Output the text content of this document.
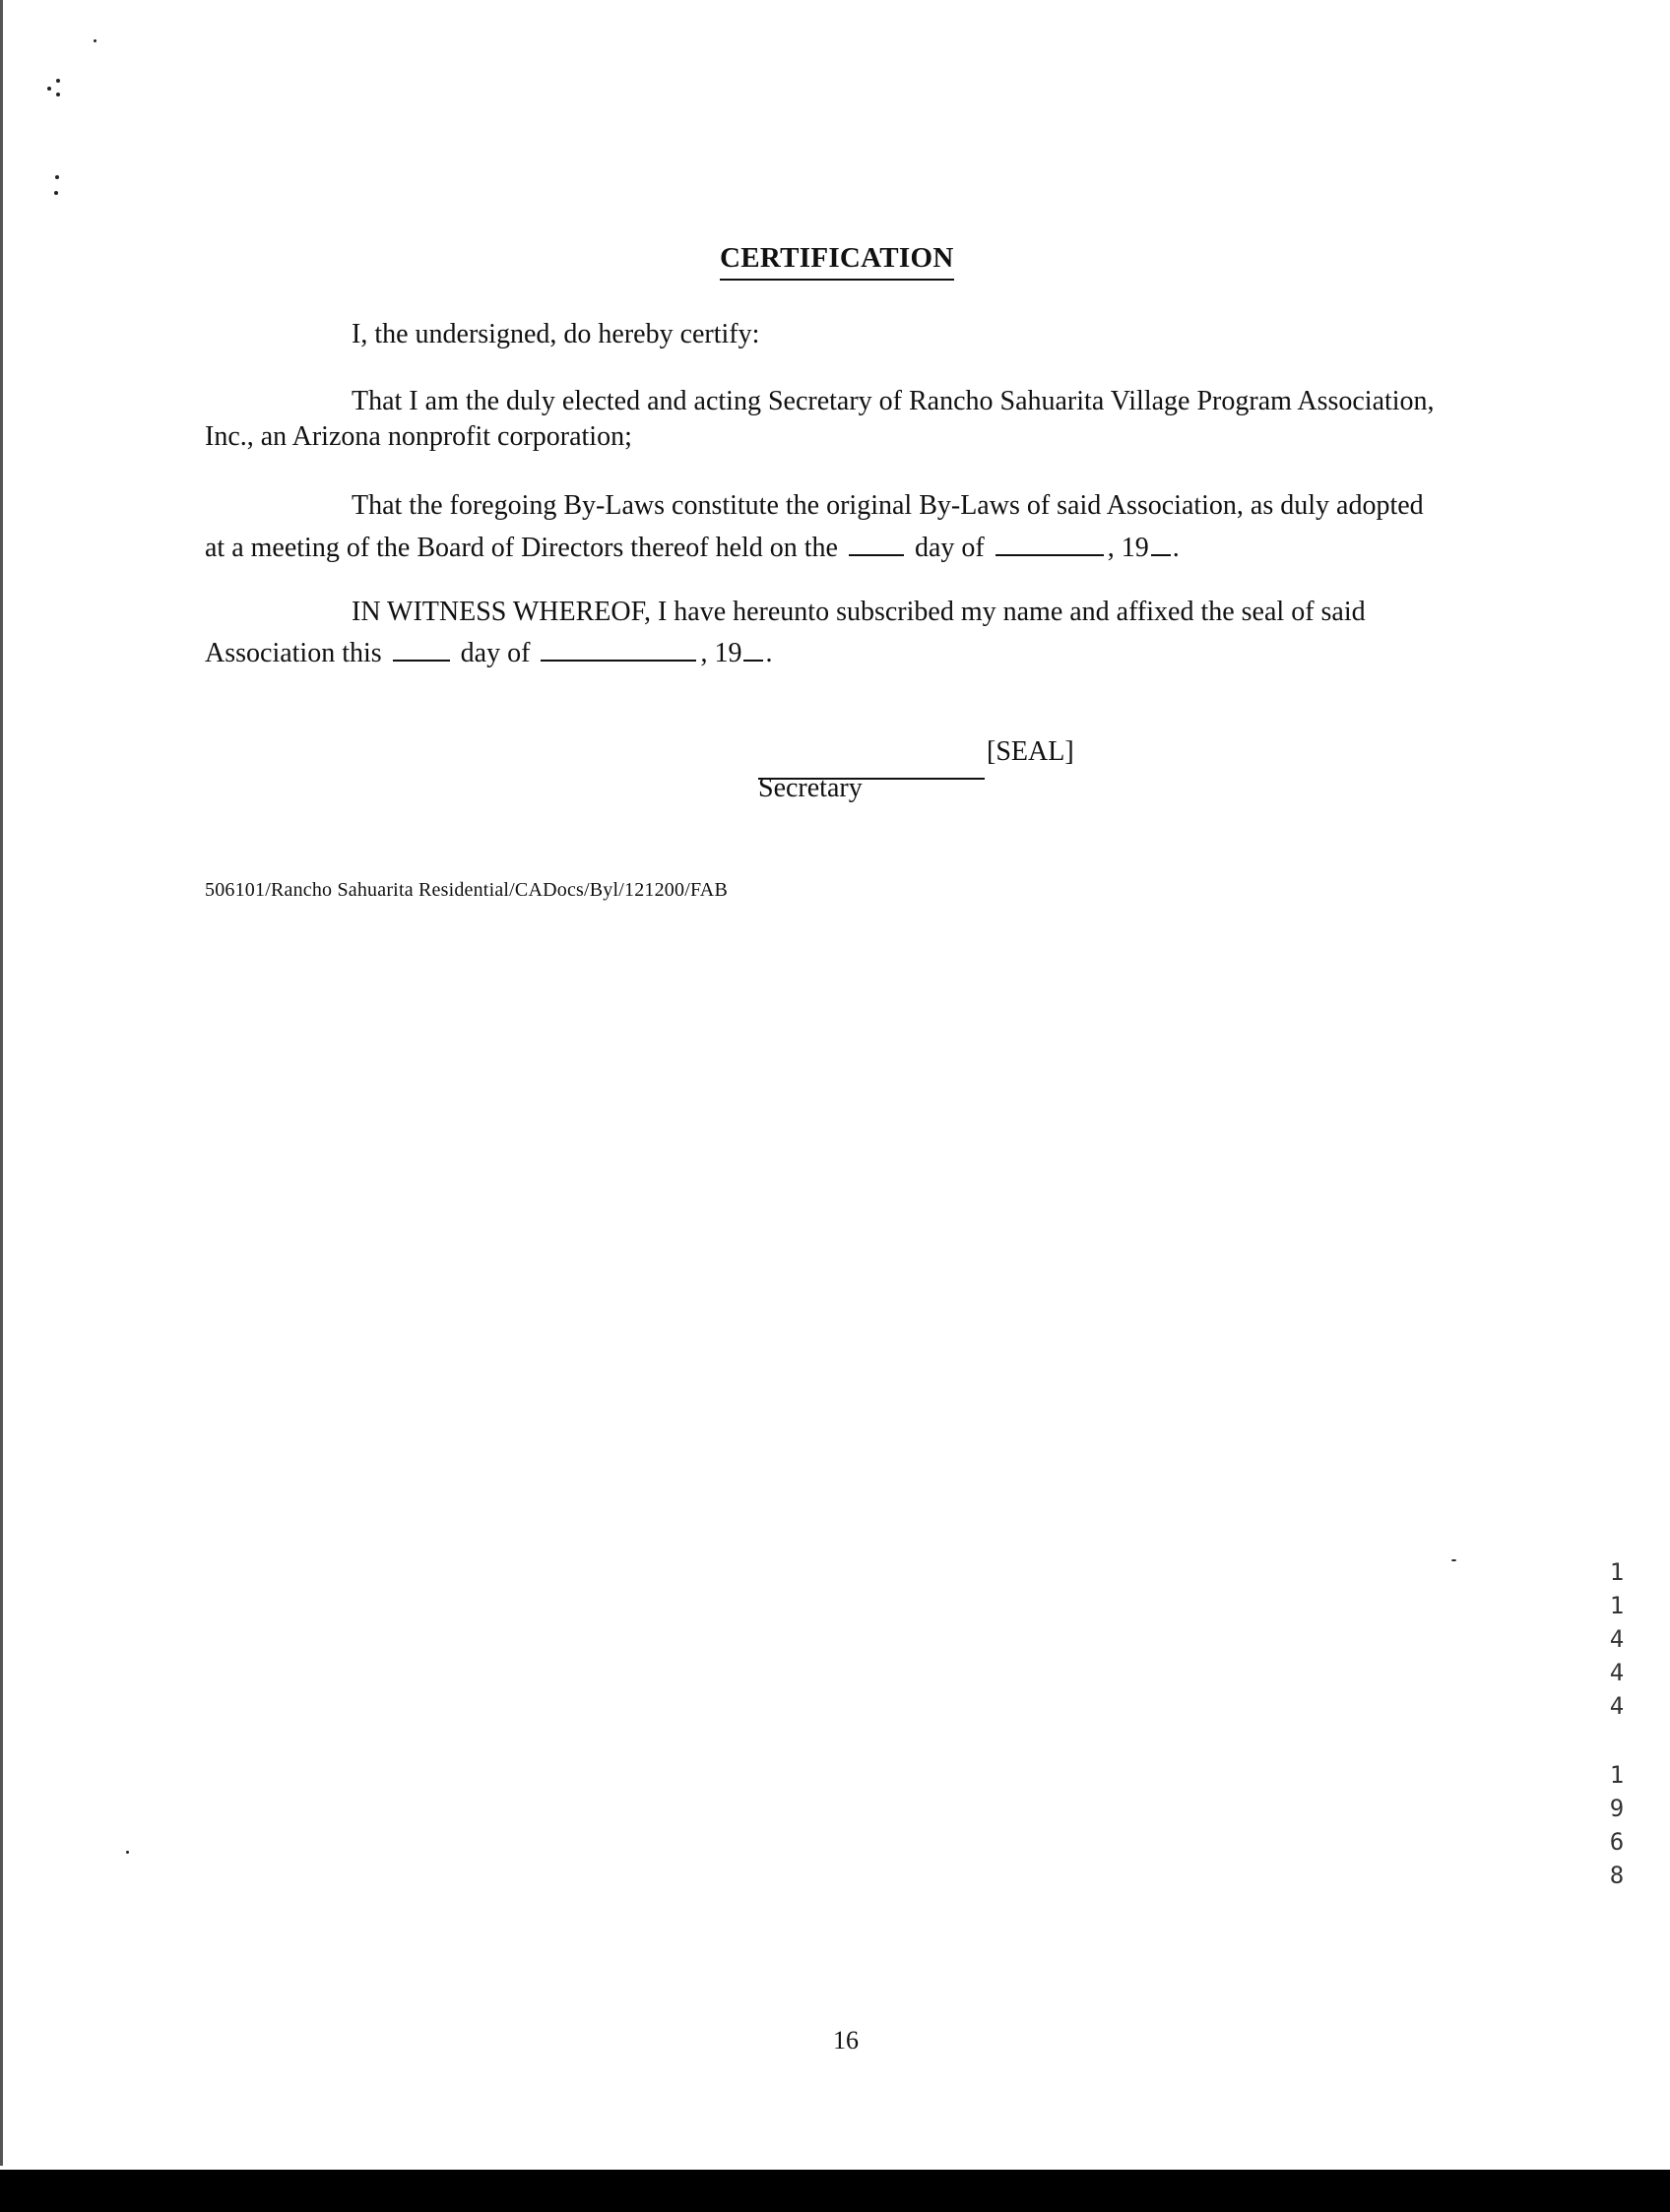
CERTIFICATION
I, the undersigned, do hereby certify:
That I am the duly elected and acting Secretary of Rancho Sahuarita Village Program Association,
Inc., an Arizona nonprofit corporation;
That the foregoing By-Laws constitute the original By-Laws of said Association, as duly adopted
at a meeting of the Board of Directors thereof held on the	day of	, 19 .
IN WITNESS WHEREOF, I have hereunto subscribed my name and affixed the seal of said
Association this	day of	, 19 .
[SEAL]
Secretary
506101/Rancho Sahuarita Residential/CADocs/Byl/121200/FAB
11444
1968
16
